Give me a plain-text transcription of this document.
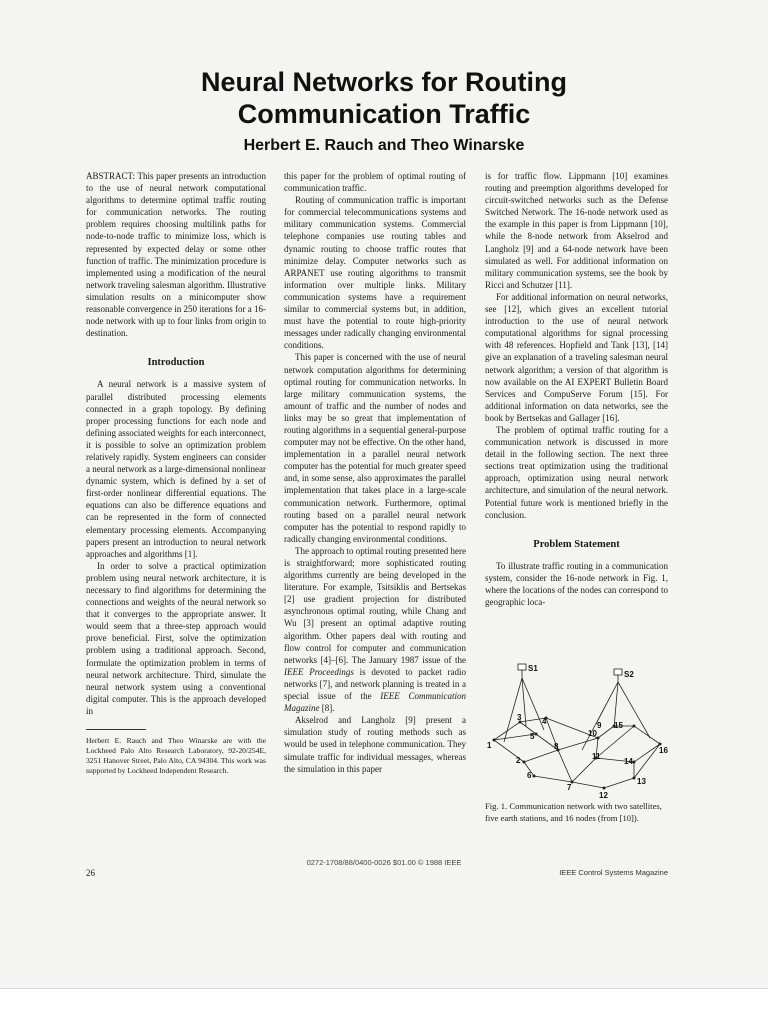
Neural Networks for Routing
Communication Traffic
Herbert E. Rauch and Theo Winarske

ABSTRACT: This paper presents an introduction to the use of neural network computational algorithms to determine optimal traffic routing for communication networks. The routing problem requires choosing multilink paths for node-to-node traffic to minimize loss, which is represented by expected delay or some other function of traffic. The minimization procedure is implemented using a modification of the neural network traveling salesman algorithm. Illustrative simulation results on a minicomputer show reasonable convergence in 250 iterations for a 16-node network with up to four links from origin to destination.

Introduction

A neural network is a massive system of parallel distributed processing elements connected in a graph topology. By defining proper processing functions for each node and defining associated weights for each interconnect, it is possible to solve an optimization problem relatively rapidly. System engineers can consider a neural network as a large-dimensional nonlinear dynamic system, which is defined by a set of first-order nonlinear differential equations. The equations can also be difference equations and can be represented in the form of connected elementary processing elements. Accompanying papers present an introduction to neural network approaches and algorithms [1].

In order to solve a practical optimization problem using neural network architecture, it is necessary to find algorithms for determining the connections and weights of the neural network so that it converges to the appropriate answer. It would seem that a three-step approach would prove beneficial. First, solve the optimization problem using a traditional approach. Second, formulate the optimization problem in terms of neural network architecture. Third, simulate the neural network system using a conventional digital computer. This is the approach developed in

Herbert E. Rauch and Theo Winarske are with the Lockheed Palo Alto Research Laboratory, 92-20/254E, 3251 Hanover Street, Palo Alto, CA 94304. This work was supported by Lockheed Independent Research.

this paper for the problem of optimal routing of communication traffic.

Routing of communication traffic is important for commercial telecommunications systems and military communication systems. Commercial telephone companies use routing tables and dynamic routing to choose traffic routes that minimize delay. Computer networks such as ARPANET use routing algorithms to transmit information over multiple links. Military communication systems have a requirement similar to commercial systems but, in addition, must have the potential to route high-priority messages under radically changing environmental conditions.

This paper is concerned with the use of neural network computation algorithms for determining optimal routing for communication networks. In large military communication systems, the amount of traffic and the number of nodes and links may be so great that implementation of routing algorithms in a sequential general-purpose computer may not be effective. On the other hand, implementation in a parallel neural network computer has the potential for much greater speed and, in some sense, also approximates the parallel implementation that takes place in a large-scale communication network. Furthermore, optimal routing based on a parallel neural network computer has the potential to respond rapidly to radically changing environmental conditions.

The approach to optimal routing presented here is straightforward; more sophisticated routing algorithms currently are being developed in the literature. For example, Tsitsiklis and Bertsekas [2] use gradient projection for distributed asynchronous optimal routing, while Chang and Wu [3] present an optimal adaptive routing algorithm. Other papers deal with routing and flow control for computer and communication networks [4]–[6]. The January 1987 issue of the IEEE Proceedings is devoted to packet radio networks [7], and network planning is treated in a special issue of the IEEE Communication Magazine [8].

Akselrod and Langholz [9] present a simulation study of routing methods such as would be used in telephone communication. They simulate traffic for individual messages, whereas the simulation in this paper

is for traffic flow. Lippmann [10] examines routing and preemption algorithms developed for circuit-switched networks such as the Defense Switched Network. The 16-node network used as the example in this paper is from Lippmann [10], while the 8-node network from Akselrod and Langholz [9] and a 64-node network have been simulated as well. For additional information on military communication systems, see the book by Ricci and Schutzer [11].

For additional information on neural networks, see [12], which gives an excellent tutorial introduction to the use of neural network computational algorithms for signal processing with 48 references. Hopfield and Tank [13], [14] give an explanation of a traveling salesman neural network algorithm; a version of that algorithm is now available on the AI EXPERT Bulletin Board Services and CompuServe Forum [15]. For additional information on data networks, see the book by Bertsekas and Gallager [16].

The problem of optimal traffic routing for a communication network is discussed in more detail in the following section. The next three sections treat optimization using the traditional approach, optimization using neural network architecture, and simulation of the neural network. Potential future work is mentioned briefly in the conclusion.

Problem Statement

To illustrate traffic routing in a communication system, consider the 16-node network in Fig. 1, where the locations of the nodes can correspond to geographic loca-

S1
S2
1
2
3	4
5
6
7
8
9
10
11
12
13
14
15
16
Fig. 1. Communication network with two satellites, five earth stations, and 16 nodes (from [10]).
0272-1708/88/0400-0026 $01.00 © 1988 IEEE
26	IEEE Control Systems Magazine
